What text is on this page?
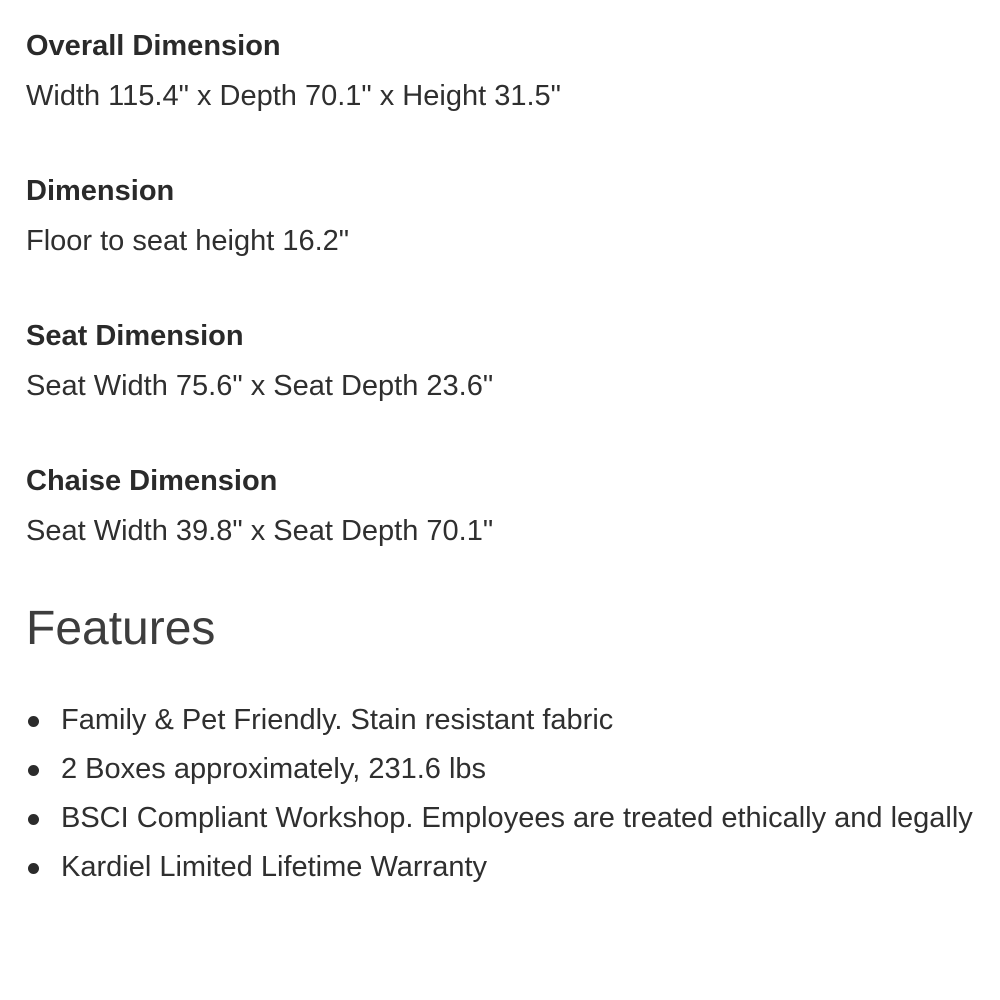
Overall Dimension

Width 115.4" x Depth 70.1" x Height 31.5"

Dimension

Floor to seat height 16.2"

Seat Dimension

Seat Width 75.6" x Seat Depth 23.6"

Chaise Dimension

Seat Width 39.8" x Seat Depth 70.1"

Features
Family & Pet Friendly. Stain resistant fabric
2 Boxes approximately, 231.6 lbs
BSCI Compliant Workshop. Employees are treated ethically and legally
Kardiel Limited Lifetime Warranty
